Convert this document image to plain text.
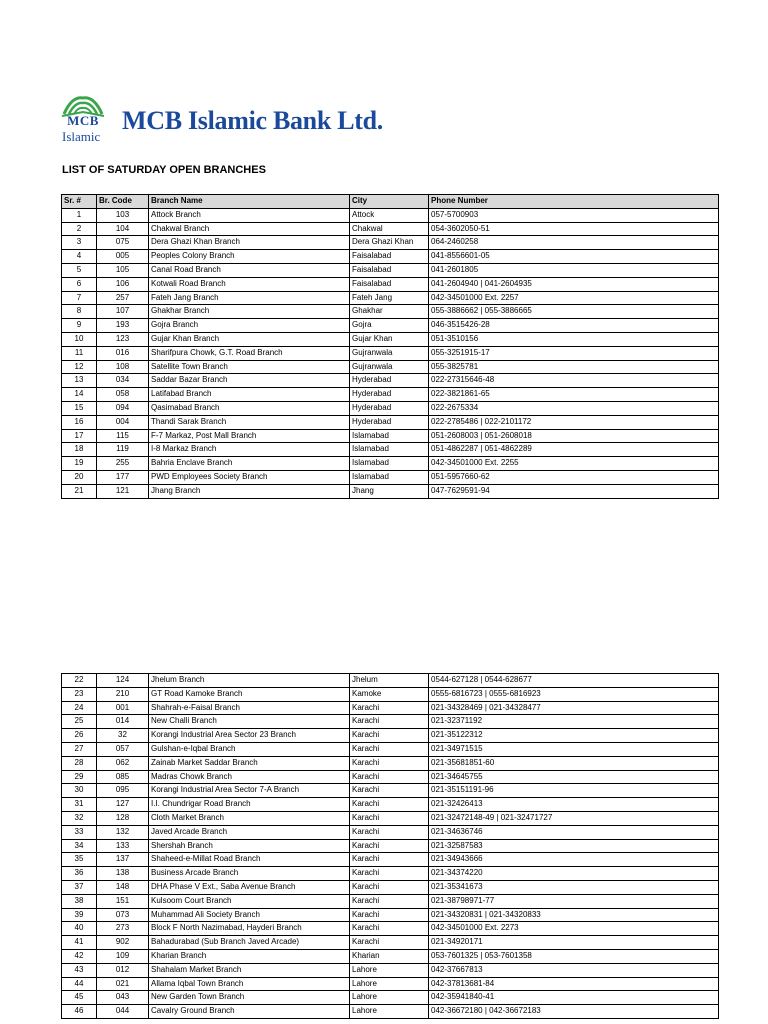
MCB
Islamic
MCB Islamic Bank Ltd.
LIST OF SATURDAY OPEN BRANCHES
Sr. #	Br. Code	Branch Name	City	Phone Number
1	103	Attock Branch	Attock	057-5700903
2	104	Chakwal Branch	Chakwal	054-3602050-51
3	075	Dera Ghazi Khan Branch	Dera Ghazi Khan	064-2460258
4	005	Peoples Colony Branch	Faisalabad	041-8556601-05
5	105	Canal Road Branch	Faisalabad	041-2601805
6	106	Kotwali Road Branch	Faisalabad	041-2604940 | 041-2604935
7	257	Fateh Jang Branch	Fateh Jang	042-34501000 Ext. 2257
8	107	Ghakhar Branch	Ghakhar	055-3886662 | 055-3886665
9	193	Gojra Branch	Gojra	046-3515426-28
10	123	Gujar Khan Branch	Gujar Khan	051-3510156
11	016	Sharifpura Chowk, G.T. Road Branch	Gujranwala	055-3251915-17
12	108	Satellite Town Branch	Gujranwala	055-3825781
13	034	Saddar Bazar Branch	Hyderabad	022-27315646-48
14	058	Latifabad Branch	Hyderabad	022-3821861-65
15	094	Qasimabad Branch	Hyderabad	022-2675334
16	004	Thandi Sarak Branch	Hyderabad	022-2785486 | 022-2101172
17	115	F-7 Markaz, Post Mall Branch	Islamabad	051-2608003 | 051-2608018
18	119	I-8 Markaz Branch	Islamabad	051-4862287 | 051-4862289
19	255	Bahria Enclave Branch	Islamabad	042-34501000 Ext. 2255
20	177	PWD Employees Society Branch	Islamabad	051-5957660-62
21	121	Jhang Branch	Jhang	047-7629591-94
22	124	Jhelum Branch	Jhelum	0544-627128 | 0544-628677
23	210	GT Road Kamoke Branch	Kamoke	0555-6816723 | 0555-6816923
24	001	Shahrah-e-Faisal Branch	Karachi	021-34328469 | 021-34328477
25	014	New Challi Branch	Karachi	021-32371192
26	32	Korangi Industrial Area Sector 23 Branch	Karachi	021-35122312
27	057	Gulshan-e-Iqbal Branch	Karachi	021-34971515
28	062	Zainab Market Saddar Branch	Karachi	021-35681851-60
29	085	Madras Chowk Branch	Karachi	021-34645755
30	095	Korangi Industrial Area Sector 7-A Branch	Karachi	021-35151191-96
31	127	I.I. Chundrigar Road Branch	Karachi	021-32426413
32	128	Cloth Market Branch	Karachi	021-32472148-49 | 021-32471727
33	132	Javed Arcade Branch	Karachi	021-34636746
34	133	Shershah Branch	Karachi	021-32587583
35	137	Shaheed-e-Millat Road Branch	Karachi	021-34943666
36	138	Business Arcade Branch	Karachi	021-34374220
37	148	DHA Phase V Ext., Saba Avenue Branch	Karachi	021-35341673
38	151	Kulsoom Court Branch	Karachi	021-38798971-77
39	073	Muhammad Ali Society Branch	Karachi	021-34320831 | 021-34320833
40	273	Block F North Nazimabad, Hayderi Branch	Karachi	042-34501000 Ext. 2273
41	902	Bahadurabad (Sub Branch Javed Arcade)	Karachi	021-34920171
42	109	Kharian Branch	Kharian	053-7601325 | 053-7601358
43	012	Shahalam Market Branch	Lahore	042-37667813
44	021	Allama Iqbal Town Branch	Lahore	042-37813681-84
45	043	New Garden Town Branch	Lahore	042-35941840-41
46	044	Cavalry Ground Branch	Lahore	042-36672180 | 042-36672183
